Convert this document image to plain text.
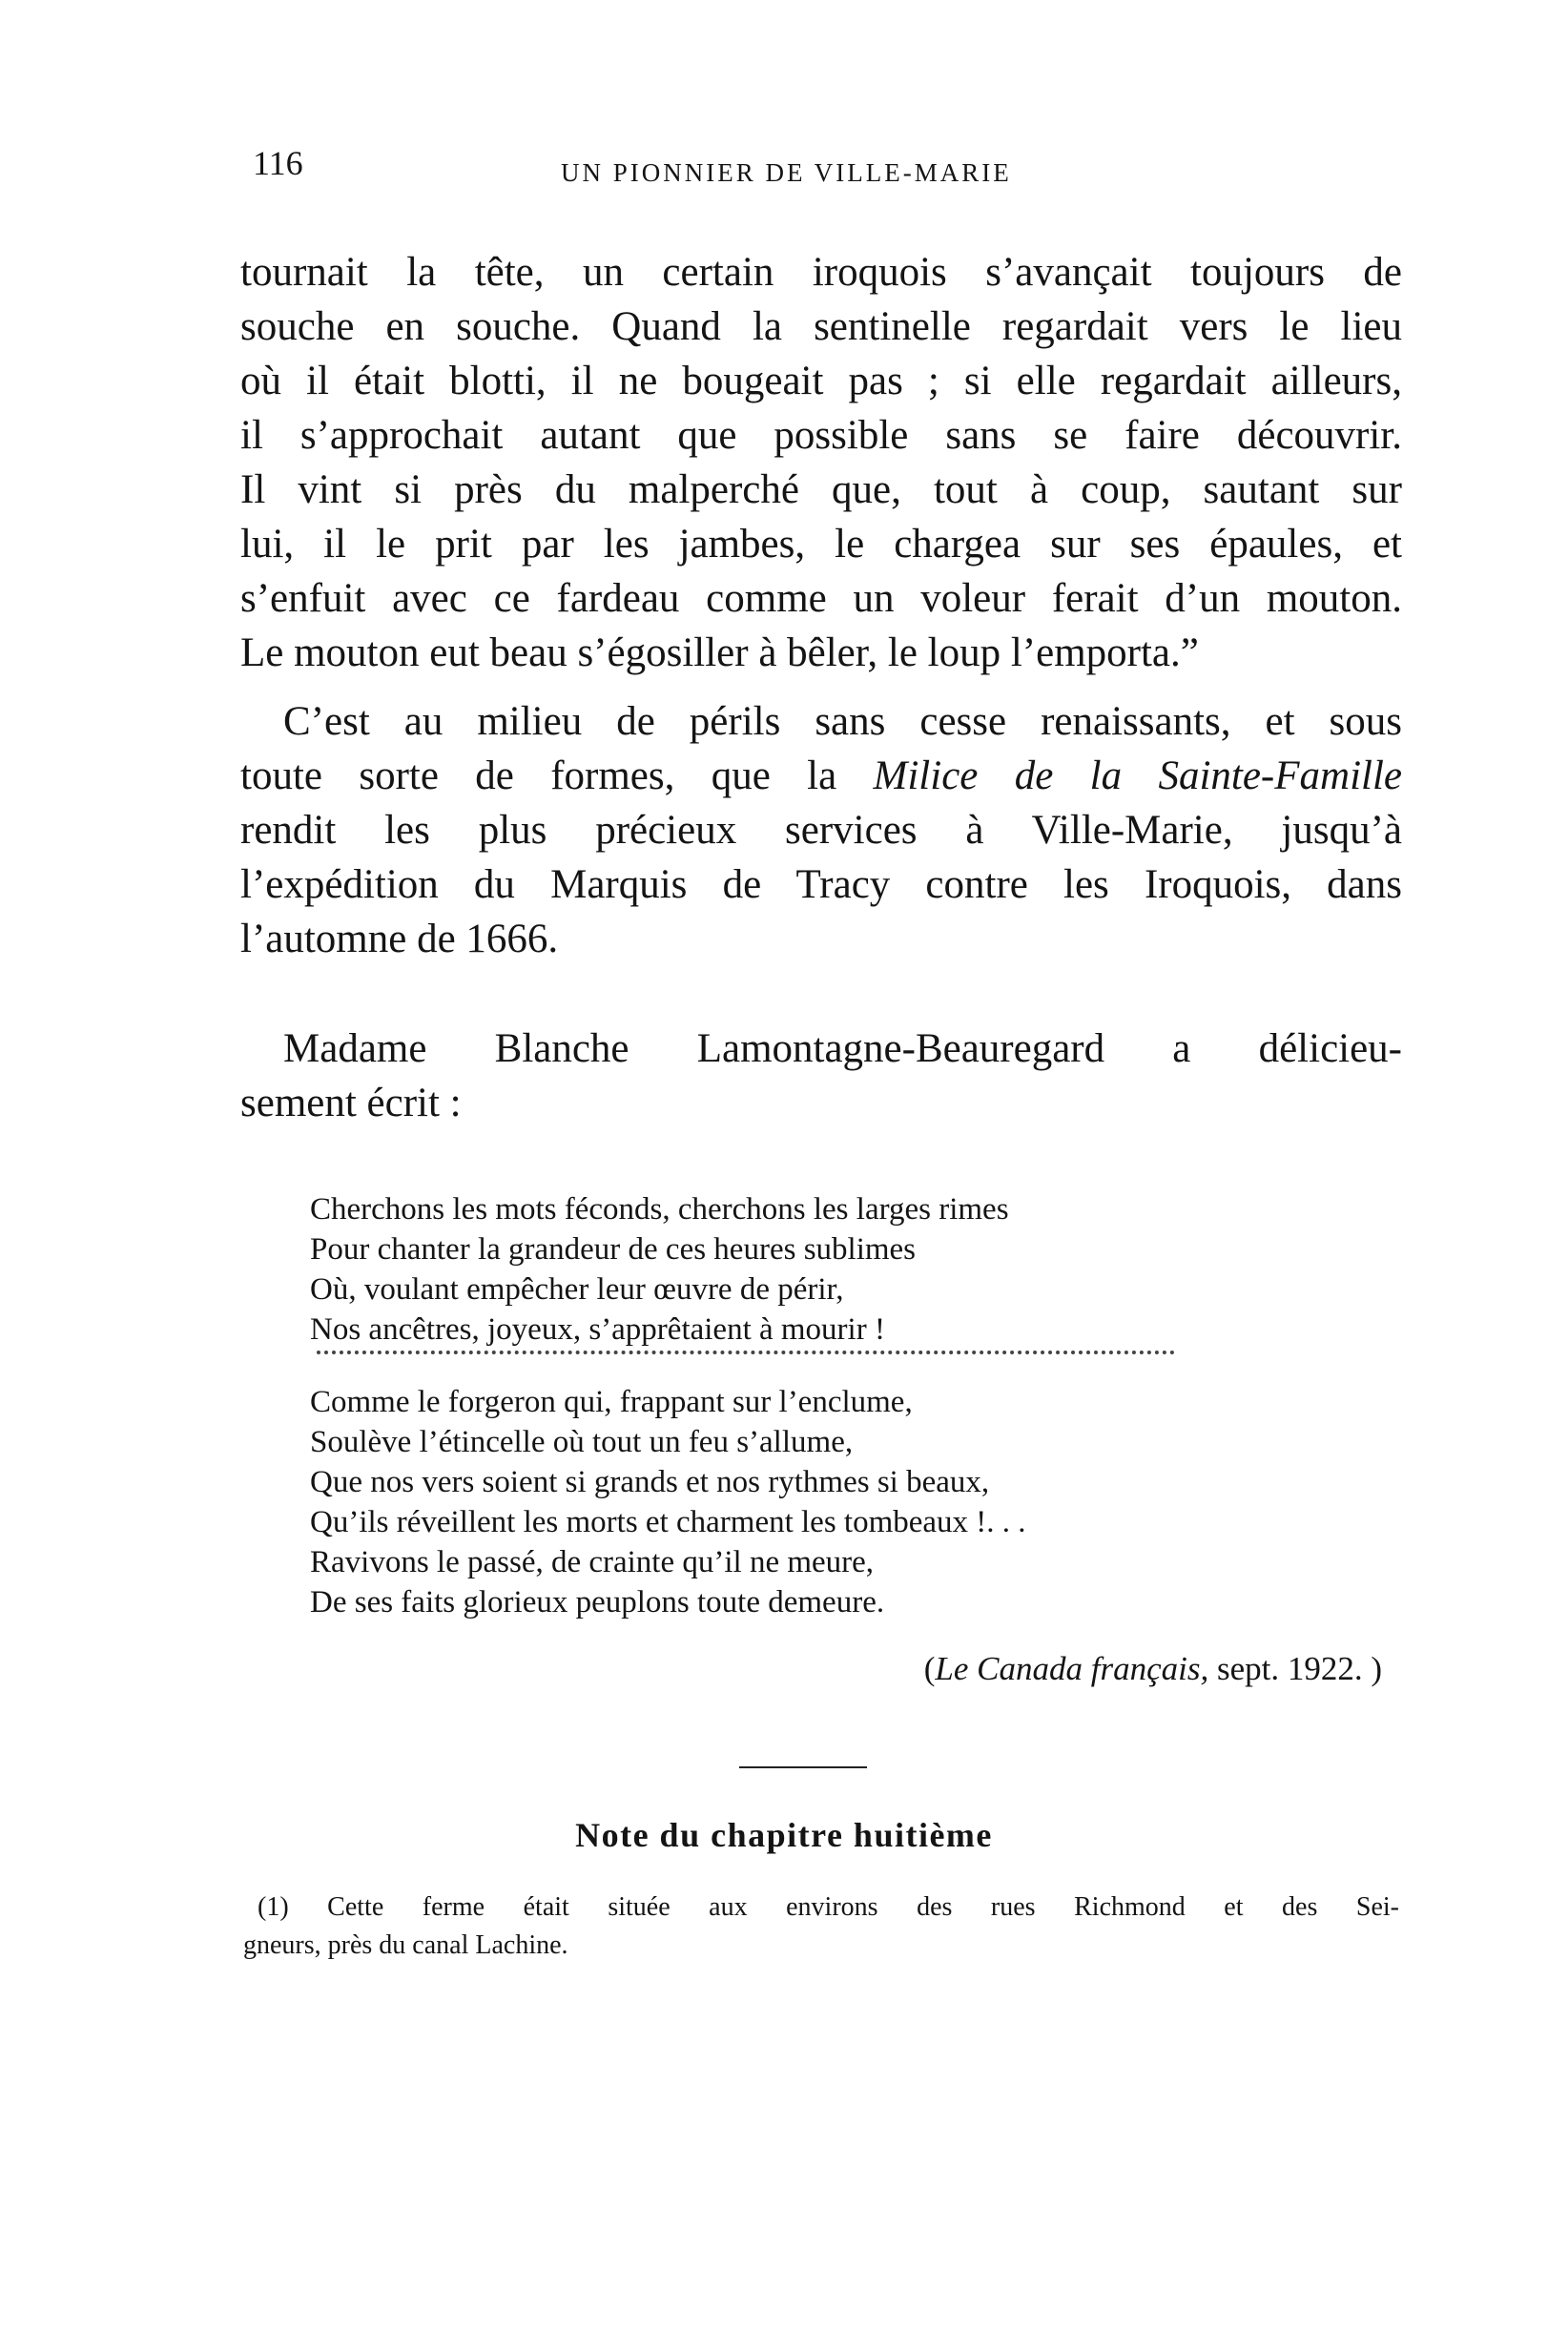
116	UN PIONNIER DE VILLE-MARIE
tournait la tête, un certain iroquois s’avançait toujours de
souche en souche. Quand la sentinelle regardait vers le lieu
où il était blotti, il ne bougeait pas ; si elle regardait ailleurs,
il s’approchait autant que possible sans se faire découvrir.
Il vint si près du malperché que, tout à coup, sautant sur
lui, il le prit par les jambes, le chargea sur ses épaules, et
s’enfuit avec ce fardeau comme un voleur ferait d’un mouton.
Le mouton eut beau s’égosiller à bêler, le loup l’emporta.”
C’est au milieu de périls sans cesse renaissants, et sous
toute sorte de formes, que la Milice de la Sainte-Famille
rendit les plus précieux services à Ville-Marie, jusqu’à
l’expédition du Marquis de Tracy contre les Iroquois, dans
l’automne de 1666.
Madame Blanche Lamontagne-Beauregard a délicieu-
sement écrit :
Cherchons les mots féconds, cherchons les larges rimes
Pour chanter la grandeur de ces heures sublimes
Où, voulant empêcher leur œuvre de périr,
Nos ancêtres, joyeux, s’apprêtaient à mourir !
Comme le forgeron qui, frappant sur l’enclume,
Soulève l’étincelle où tout un feu s’allume,
Que nos vers soient si grands et nos rythmes si beaux,
Qu’ils réveillent les morts et charment les tombeaux !. . .
Ravivons le passé, de crainte qu’il ne meure,
De ses faits glorieux peuplons toute demeure.
(Le Canada français, sept. 1922. )
Note du chapitre huitième
(1) Cette ferme était située aux environs des rues Richmond et des Sei-
gneurs, près du canal Lachine.
